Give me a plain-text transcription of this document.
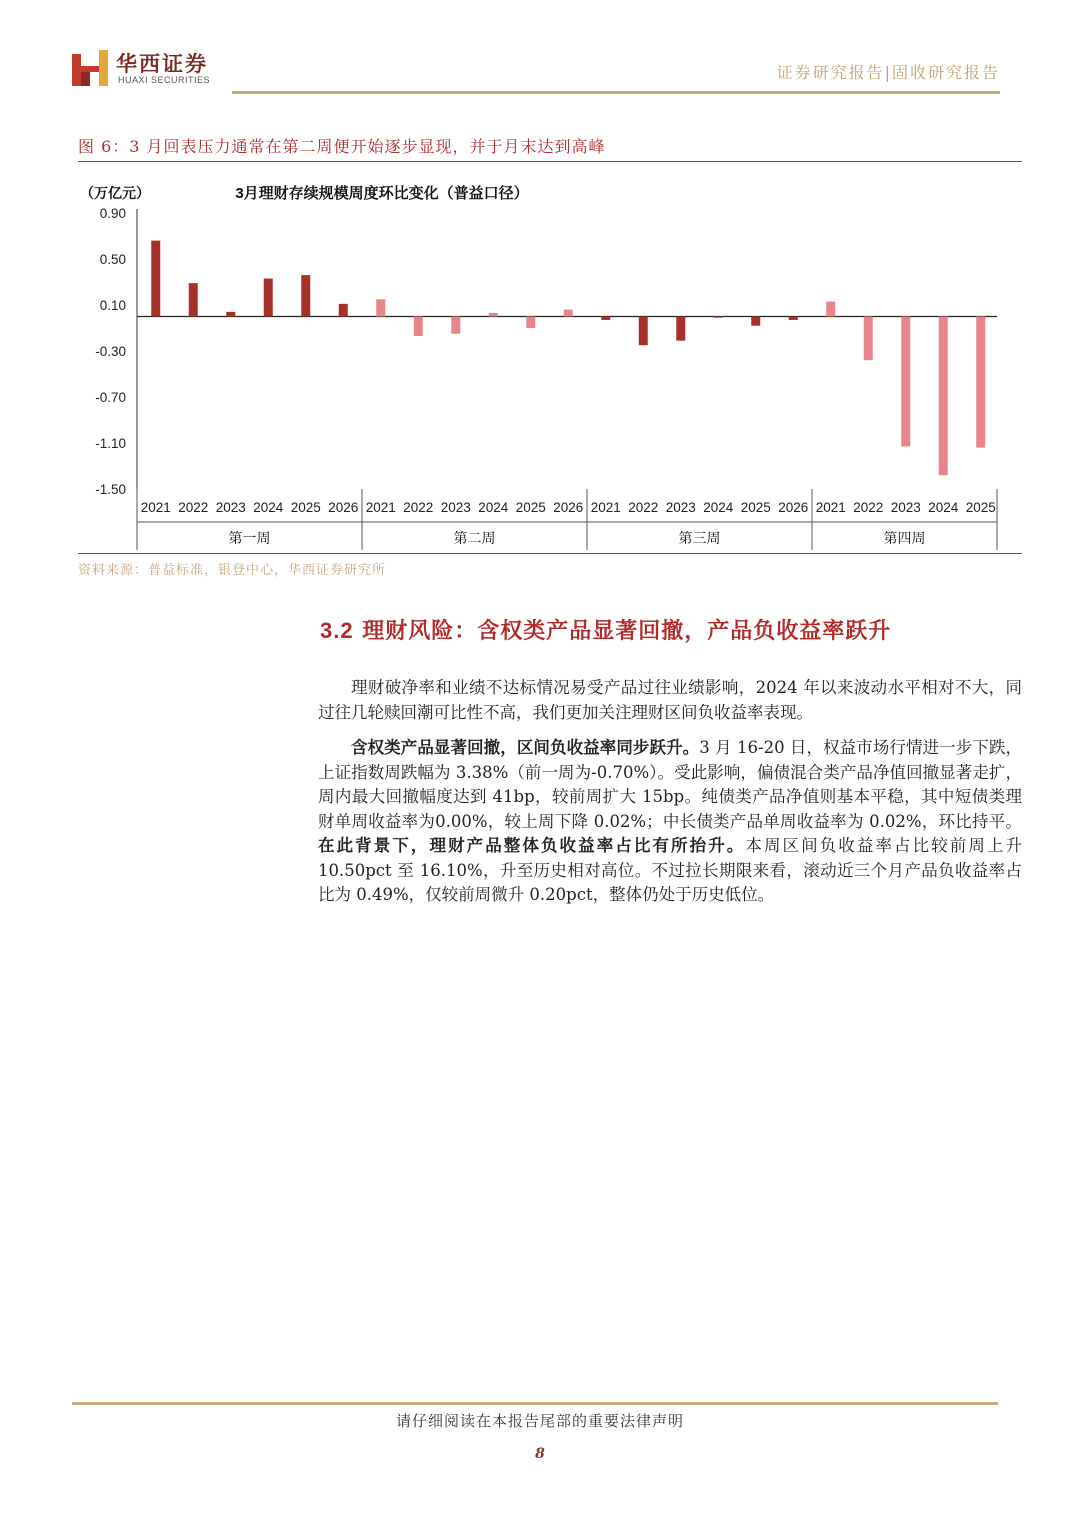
华西证券
HUAXI SECURITIES	证券研究报告|固收研究报告
图 6：3 月回表压力通常在第二周便开始逐步显现，并于月末达到高峰
3月理财存续规模周度环比变化（普益口径）
（万亿元）
0.90
0.50
0.10
-0.30
-0.70
-1.10
-1.50
2021 2022 2023 2024 2025 2026
第一周
2021 2022 2023 2024 2025 2026
第二周
2021 2022 2023 2024 2025 2026
第三周
2021 2022 2023 2024 2025
第四周
资料来源：普益标准，银登中心，华西证券研究所
3.2 理财风险：含权类产品显著回撤，产品负收益率跃升

理财破净率和业绩不达标情况易受产品过往业绩影响，2024 年以来波动水平相对不大，同过往几轮赎回潮可比性不高，我们更加关注理财区间负收益率表现。

含权类产品显著回撤，区间负收益率同步跃升。3 月 16-20 日，权益市场行情进一步下跌，上证指数周跌幅为 3.38%（前一周为-0.70%）。受此影响，偏债混合类产品净值回撤显著走扩，周内最大回撤幅度达到 41bp，较前周扩大 15bp。纯债类产品净值则基本平稳，其中短债类理财单周收益率为0.00%，较上周下降 0.02%；中长债类产品单周收益率为 0.02%，环比持平。在此背景下，理财产品整体负收益率占比有所抬升。本周区间负收益率占比较前周上升 10.50pct 至 16.10%，升至历史相对高位。不过拉长期限来看，滚动近三个月产品负收益率占比为 0.49%，仅较前周微升 0.20pct，整体仍处于历史低位。

请仔细阅读在本报告尾部的重要法律声明
8
